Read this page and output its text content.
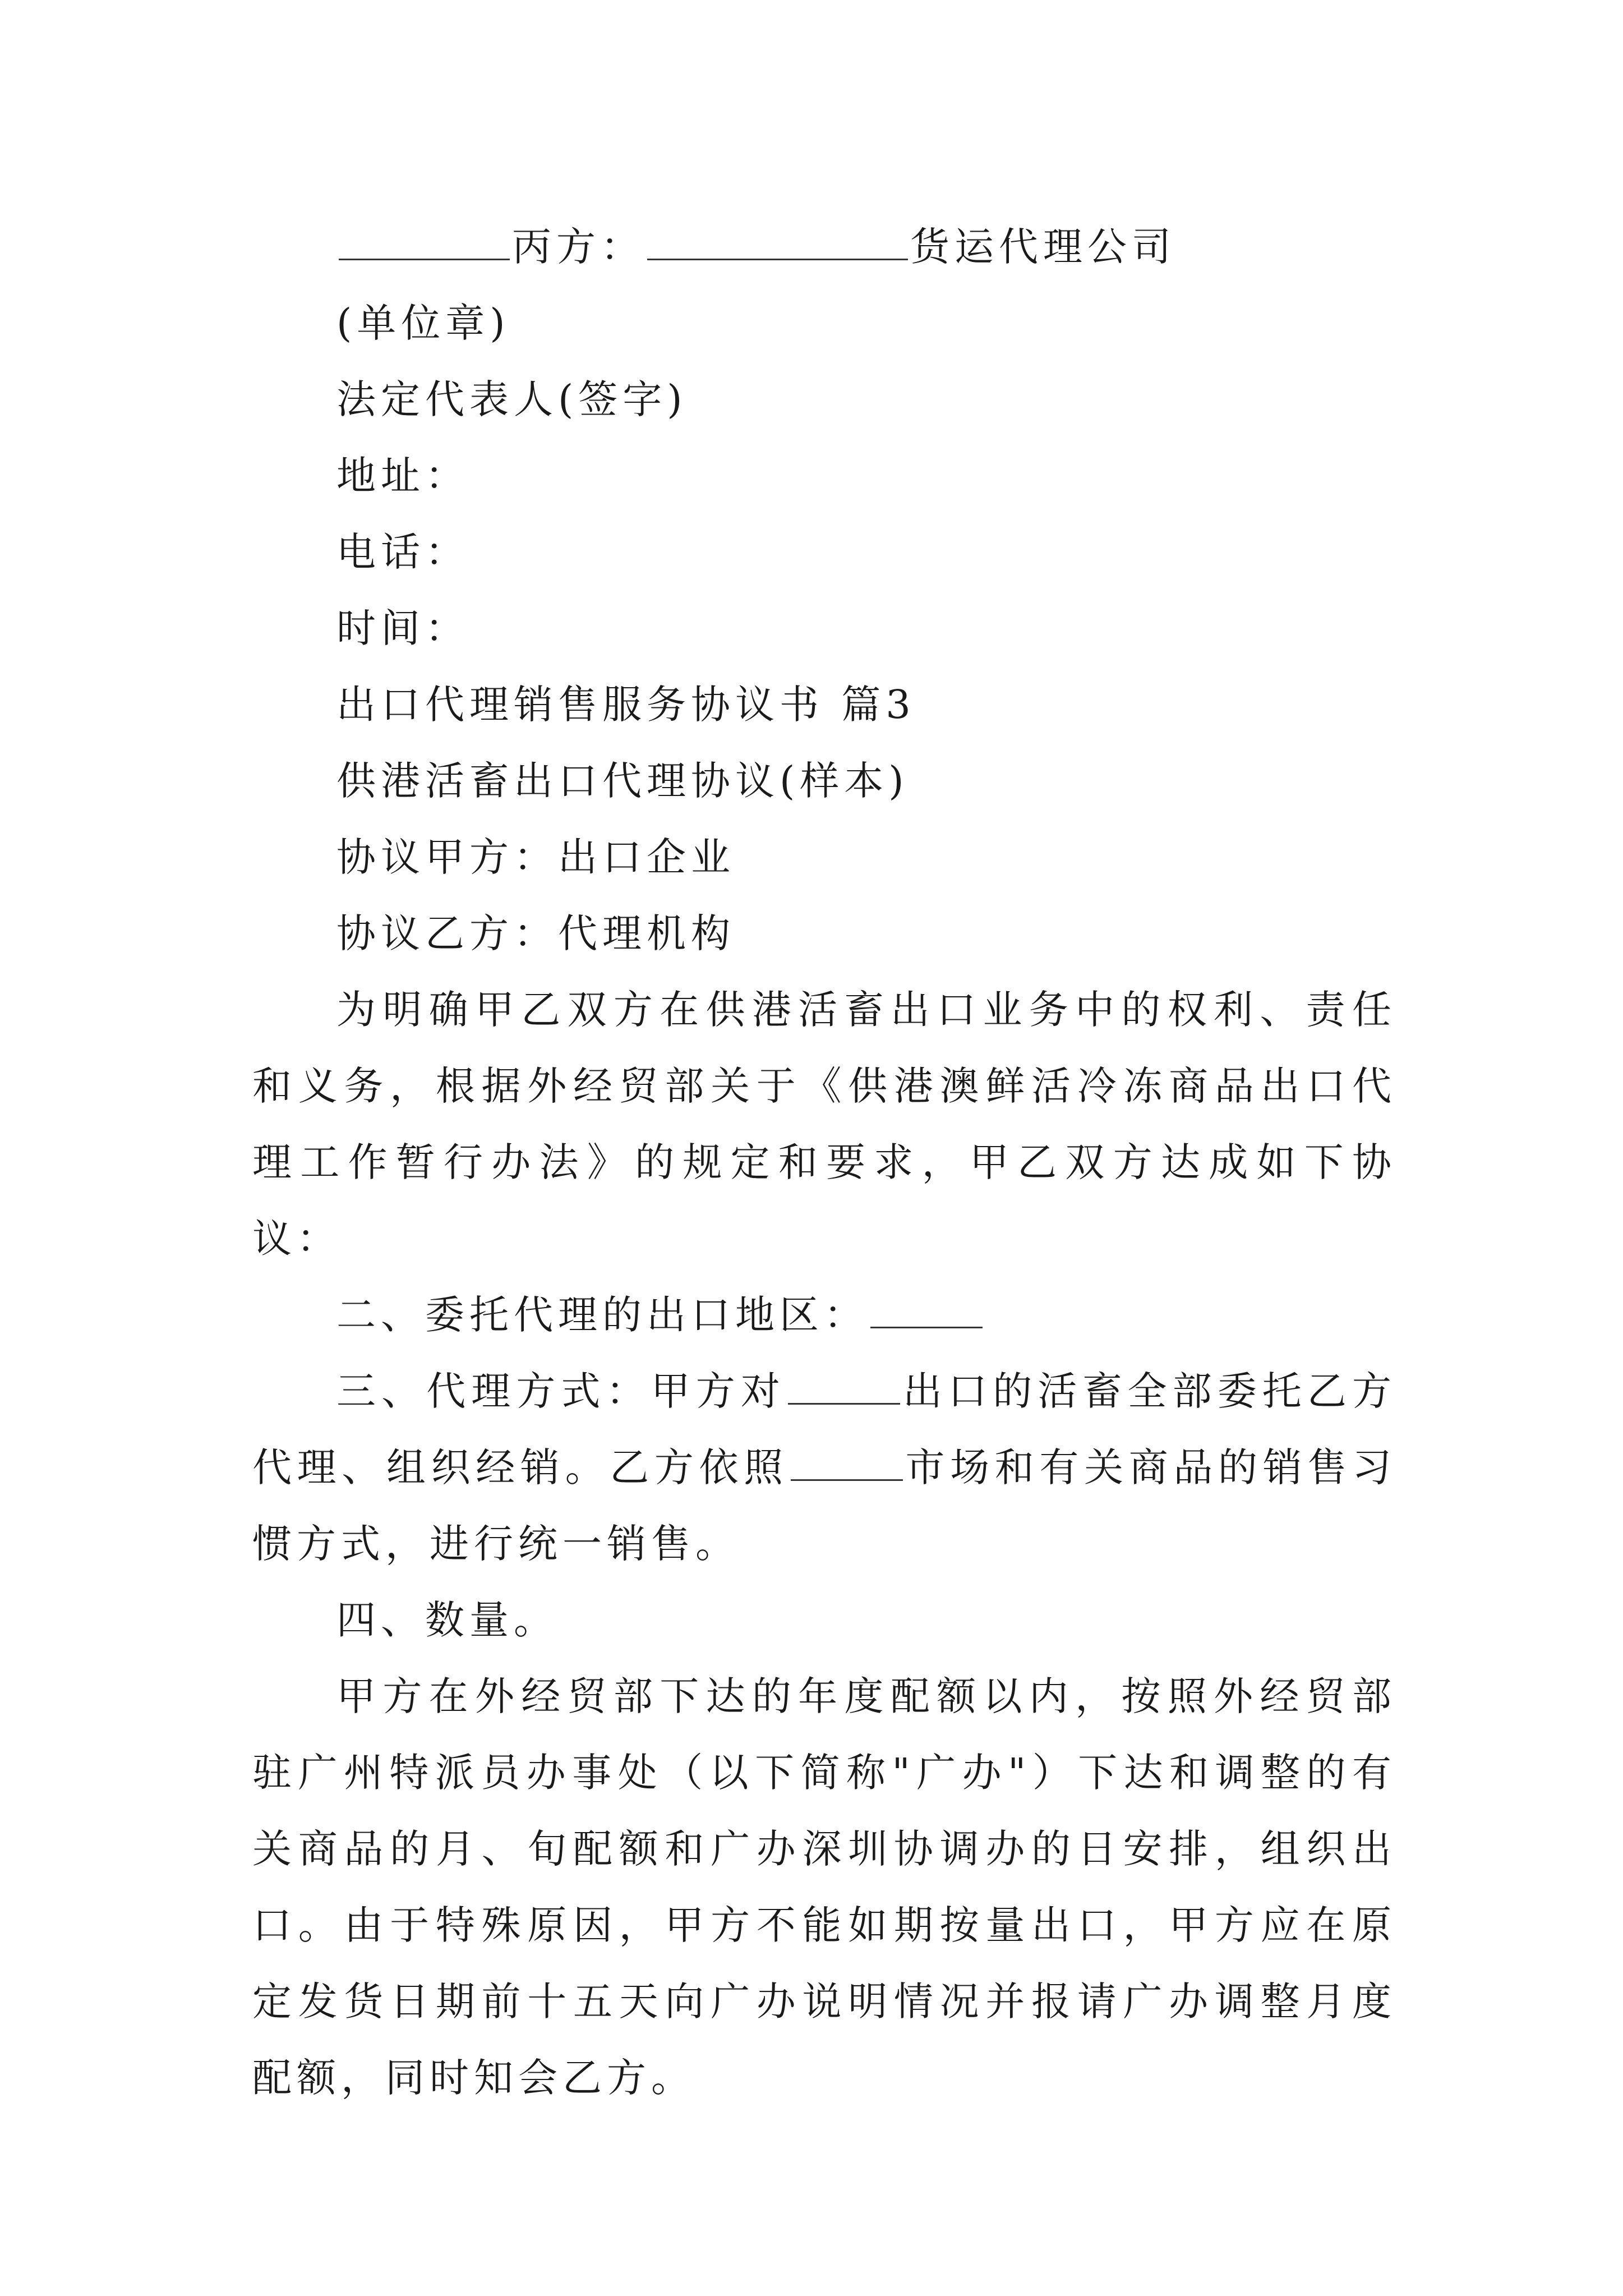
丙方：	货运代理公司
(单位章)
法定代表人(签字)
地址：
电话：
时间：
出口代理销售服务协议书 篇3
供港活畜出口代理协议(样本)
协议甲方：出口企业
协议乙方：代理机构
为明确甲乙双方在供港活畜出口业务中的权利、责任和义务，根据外经贸部关于《供港澳鲜活冷冻商品出口代理工作暂行办法》的规定和要求，甲乙双方达成如下协议：
二、委托代理的出口地区：
三、代理方式：甲方对	出口的活畜全部委托乙方代理、组织经销。乙方依照	市场和有关商品的销售习惯方式，进行统一销售。
四、数量。
甲方在外经贸部下达的年度配额以内，按照外经贸部驻广州特派员办事处（以下简称"广办"）下达和调整的有关商品的月、旬配额和广办深圳协调办的日安排，组织出口。由于特殊原因，甲方不能如期按量出口，甲方应在原定发货日期前十五天向广办说明情况并报请广办调整月度配额，同时知会乙方。
